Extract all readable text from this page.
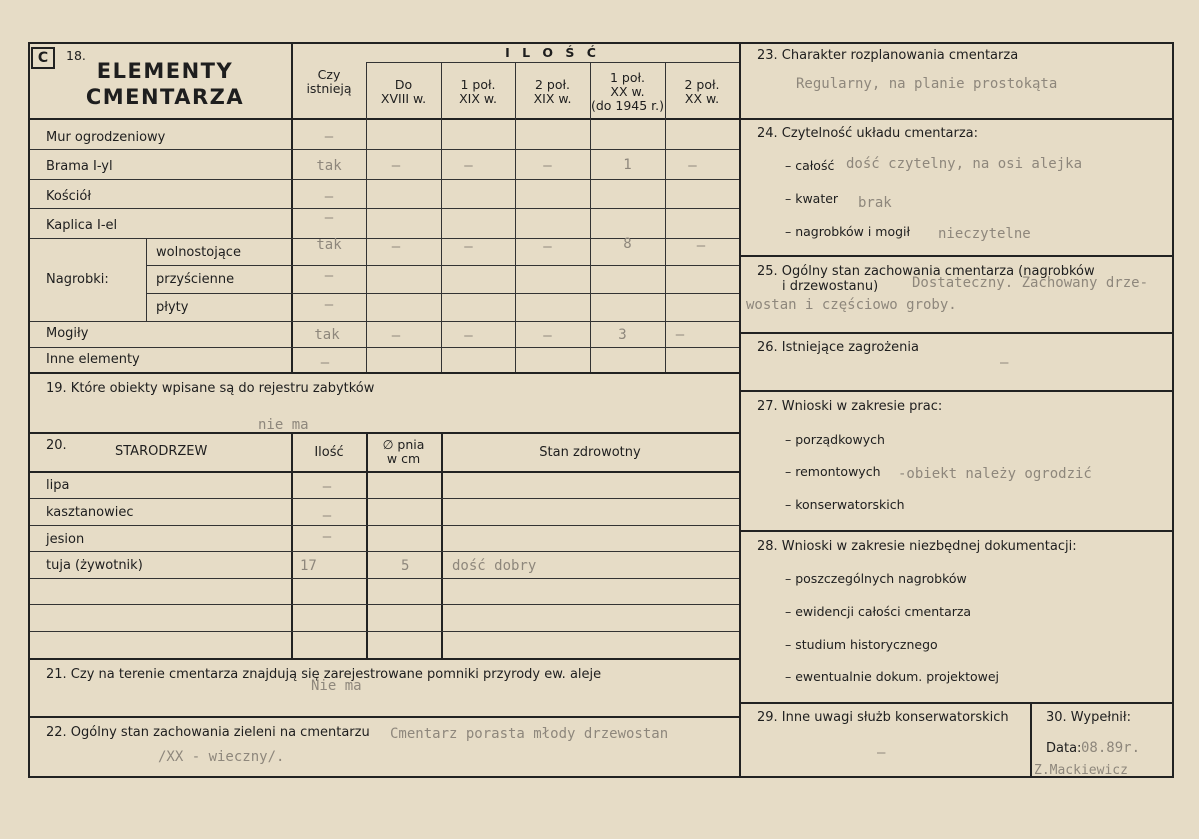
C	18.
ELEMENTY
CMENTARZA
Czy
istnieją
I L O Ś Ć
Do
XVIII w.
1 poł.
XIX w.
2 poł.
XIX w.
1 poł.
XX w.
(do 1945 r.)
2 poł.
XX w.
Mur ogrodzeniowy	–
Brama I-yl	tak	–	–	–	1	–
Kościół	–
Kaplica I-el	–
Nagrobki:
wolnostojące	tak	–	–	–	8	–
przyścienne	–
płyty	–
Mogiły	tak	–	–	–	3	–
Inne elementy	–
19. Które obiekty wpisane są do rejestru zabytków
nie ma
20.	STARODRZEW	Ilość
∅ pnia
w cm	Stan zdrowotny
lipa	–
kasztanowiec	–
jesion	–
tuja (żywotnik)	17	5	dość dobry
21. Czy na terenie cmentarza znajdują się zarejestrowane pomniki przyrody ew. aleje
Nie ma
22. Ogólny stan zachowania zieleni na cmentarzu Cmentarz porasta młody drzewostan
/XX - wieczny/.
23. Charakter rozplanowania cmentarza
Regularny, na planie prostokąta
24. Czytelność układu cmentarza:
– całość dość czytelny, na osi alejka
– kwater brak
– nagrobków i mogił nieczytelne
25. Ogólny stan zachowania cmentarza (nagrobków
i drzewostanu) Dostateczny. Zachowany drze-
wostan i częściowo groby.
26. Istniejące zagrożenia
–
27. Wnioski w zakresie prac:
– porządkowych
– remontowych -obiekt należy ogrodzić
– konserwatorskich
28. Wnioski w zakresie niezbędnej dokumentacji:
– poszczególnych nagrobków
– ewidencji całości cmentarza
– studium historycznego
– ewentualnie dokum. projektowej
29. Inne uwagi służb konserwatorskich
–
30. Wypełnił:
Data: 08.89r.
Z.Mackiewicz
